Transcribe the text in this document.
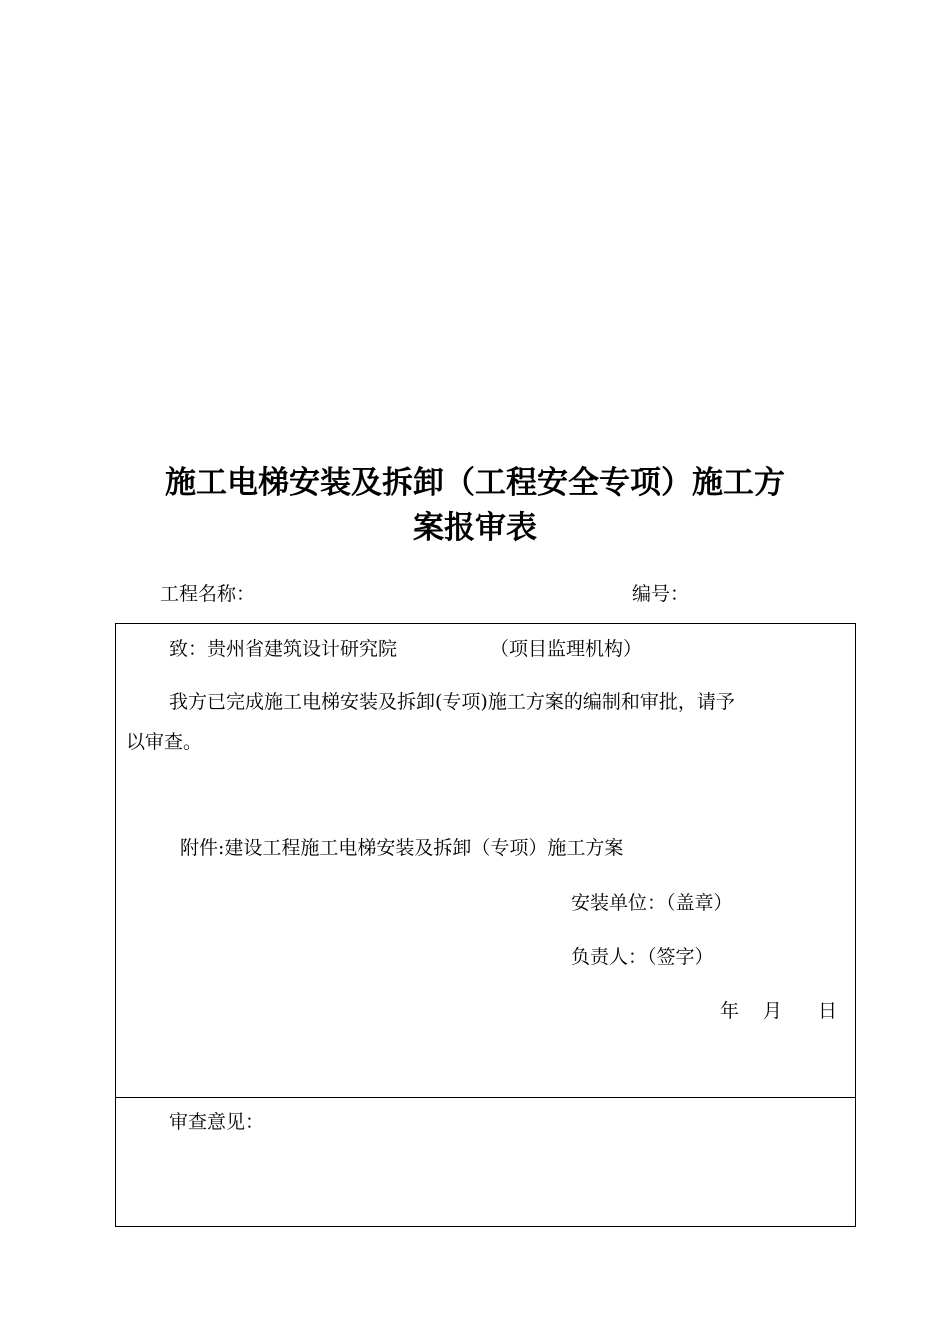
施工电梯安装及拆卸（工程安全专项）施工方
案报审表
工程名称：	编号：
致：贵州省建筑设计研究院	（项目监理机构）
我方已完成施工电梯安装及拆卸(专项)施工方案的编制和审批，请予
以审查。
附件:建设工程施工电梯安装及拆卸（专项）施工方案
安装单位：（盖章）
负责人：（签字）
年 月 日
审查意见：
